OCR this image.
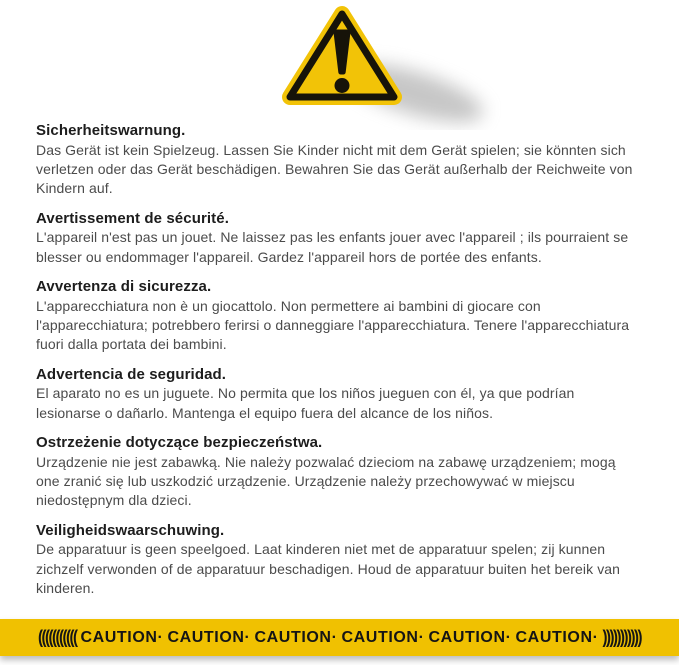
Sicherheitswarnung.

Das Gerät ist kein Spielzeug. Lassen Sie Kinder nicht mit dem Gerät spielen; sie könnten sich verletzen oder das Gerät beschädigen. Bewahren Sie das Gerät außerhalb der Reichweite von Kindern auf.

Avertissement de sécurité.

L'appareil n'est pas un jouet. Ne laissez pas les enfants jouer avec l'appareil ; ils pourraient se blesser ou endommager l'appareil. Gardez l'appareil hors de portée des enfants.

Avvertenza di sicurezza.

L'apparecchiatura non è un giocattolo. Non permettere ai bambini di giocare con l'apparecchiatura; potrebbero ferirsi o danneggiare l'apparecchiatura. Tenere l'apparecchiatura fuori dalla portata dei bambini.

Advertencia de seguridad.

El aparato no es un juguete. No permita que los niños jueguen con él, ya que podrían lesionarse o dañarlo. Mantenga el equipo fuera del alcance de los niños.

Ostrzeżenie dotyczące bezpieczeństwa.

Urządzenie nie jest zabawką. Nie należy pozwalać dzieciom na zabawę urządzeniem; mogą one zranić się lub uszkodzić urządzenie. Urządzenie należy przechowywać w miejscu niedostępnym dla dzieci.

Veiligheidswaarschuwing.

De apparatuur is geen speelgoed. Laat kinderen niet met de apparatuur spelen; zij kunnen zichzelf verwonden of de apparatuur beschadigen. Houd de apparatuur buiten het bereik van kinderen.

((((((((((( CAUTION· CAUTION· CAUTION· CAUTION· CAUTION· CAUTION· )))))))))))
